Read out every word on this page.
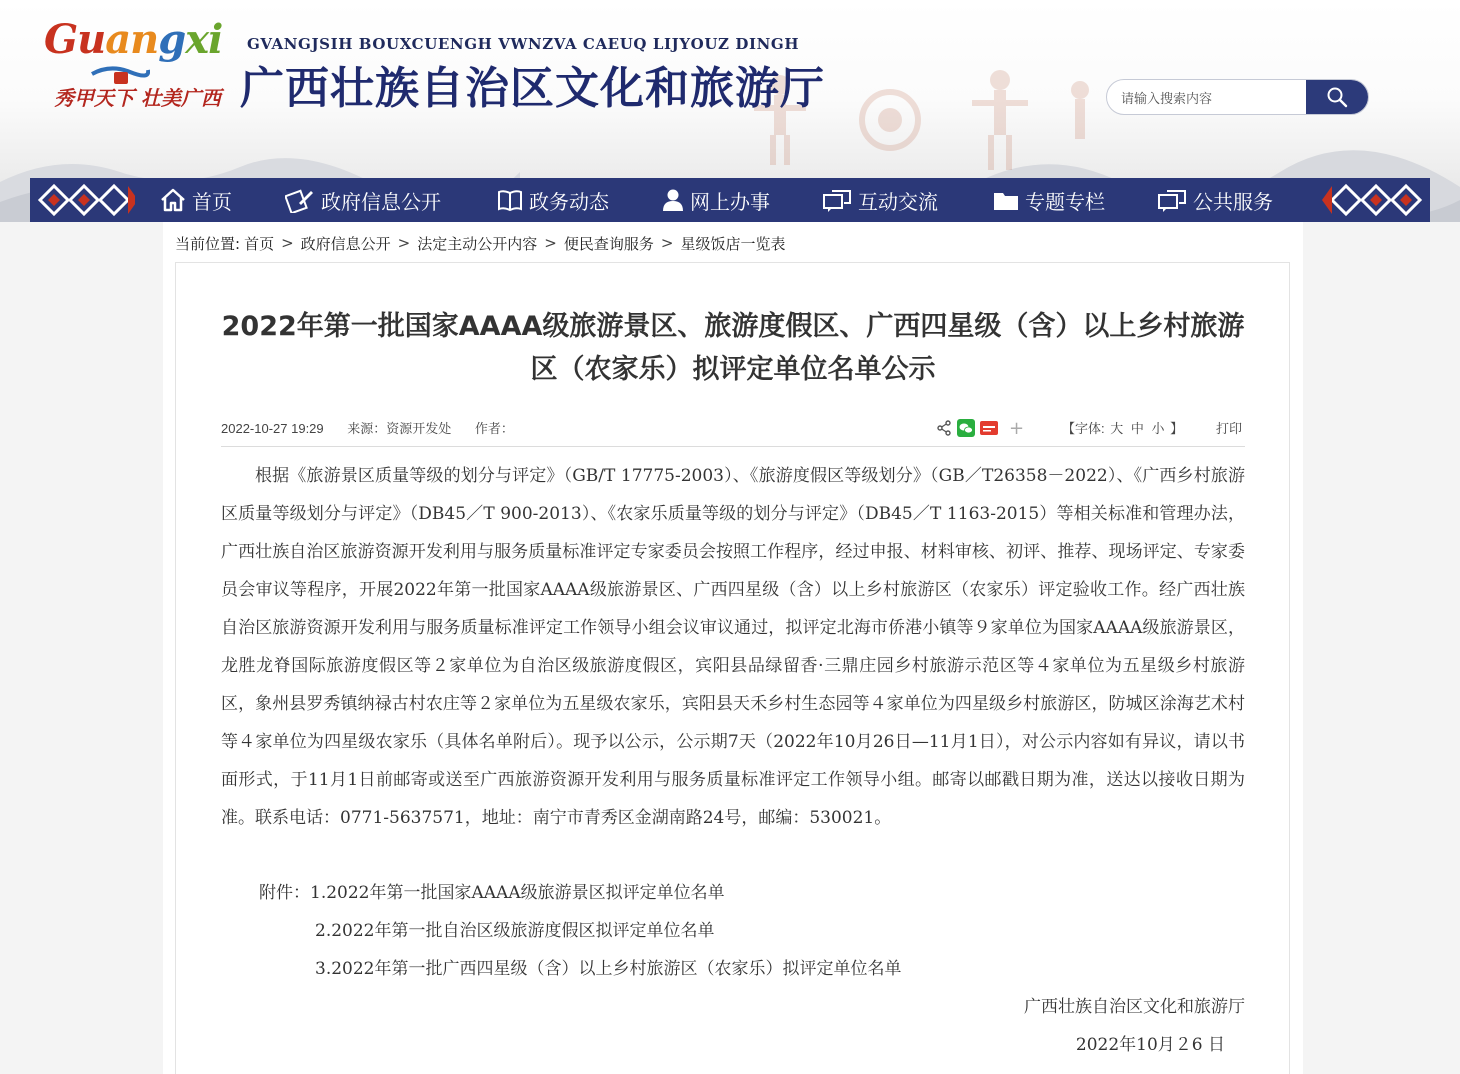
Guangxi
秀甲天下 壮美广西
GVANGJSIH BOUXCUENGH VWNZVA CAEUQ LIJYOUZ DINGH
广西壮族自治区文化和旅游厅
请输入搜索内容
首页	政府信息公开	政务动态	网上办事	互动交流	专题专栏	公共服务
当前位置: 首页 > 政府信息公开 > 法定主动公开内容 > 便民查询服务 > 星级饭店一览表
2022年第一批国家AAAA级旅游景区、旅游度假区、广西四星级（含）以上乡村旅游区（农家乐）拟评定单位名单公示
2022-10-27 19:29 来源：资源开发处 作者：	+	【字体: 大 中 小 】	打印

根据《旅游景区质量等级的划分与评定》（GB/T 17775-2003）、《旅游度假区等级划分》（GB／T26358－2022）、《广西乡村旅游区质量等级划分与评定》（DB45／T 900-2013）、《农家乐质量等级的划分与评定》（DB45／T 1163-2015）等相关标准和管理办法，广西壮族自治区旅游资源开发利用与服务质量标准评定专家委员会按照工作程序，经过申报、材料审核、初评、推荐、现场评定、专家委员会审议等程序，开展2022年第一批国家AAAA级旅游景区、广西四星级（含）以上乡村旅游区（农家乐）评定验收工作。经广西壮族自治区旅游资源开发利用与服务质量标准评定工作领导小组会议审议通过，拟评定北海市侨港小镇等９家单位为国家AAAA级旅游景区，龙胜龙脊国际旅游度假区等２家单位为自治区级旅游度假区，宾阳县品绿留香·三鼎庄园乡村旅游示范区等４家单位为五星级乡村旅游区，象州县罗秀镇纳禄古村农庄等２家单位为五星级农家乐，宾阳县天禾乡村生态园等４家单位为四星级乡村旅游区，防城区涂海艺术村等４家单位为四星级农家乐（具体名单附后）。现予以公示，公示期7天（2022年10月26日—11月1日），对公示内容如有异议，请以书面形式，于11月1日前邮寄或送至广西旅游资源开发利用与服务质量标准评定工作领导小组。邮寄以邮戳日期为准，送达以接收日期为准。联系电话：0771-5637571，地址：南宁市青秀区金湖南路24号，邮编：530021。

附件：1.2022年第一批国家AAAA级旅游景区拟评定单位名单
2.2022年第一批自治区级旅游度假区拟评定单位名单
3.2022年第一批广西四星级（含）以上乡村旅游区（农家乐）拟评定单位名单
广西壮族自治区文化和旅游厅
2022年10月２6 日
